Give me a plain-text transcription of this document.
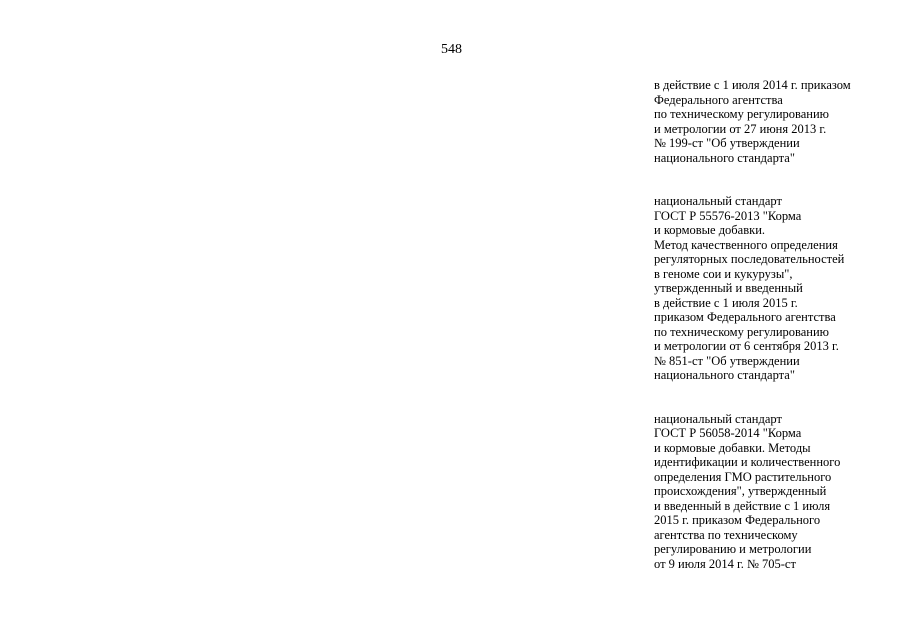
548
в действие с 1 июля 2014 г. приказом
Федерального агентства
по техническому регулированию
и метрологии от 27 июня 2013 г.
№ 199-ст "Об утверждении
национального стандарта"
национальный стандарт
ГОСТ Р 55576-2013 "Корма
и кормовые добавки.
Метод качественного определения
регуляторных последовательностей
в геноме сои и кукурузы",
утвержденный и введенный
в действие с 1 июля 2015 г.
приказом Федерального агентства
по техническому регулированию
и метрологии от 6 сентября 2013 г.
№ 851-ст "Об утверждении
национального стандарта"
национальный стандарт
ГОСТ Р 56058-2014 "Корма
и кормовые добавки. Методы
идентификации и количественного
определения ГМО растительного
происхождения", утвержденный
и введенный в действие с 1 июля
2015 г. приказом Федерального
агентства по техническому
регулированию и метрологии
от 9 июля 2014 г. № 705-ст
